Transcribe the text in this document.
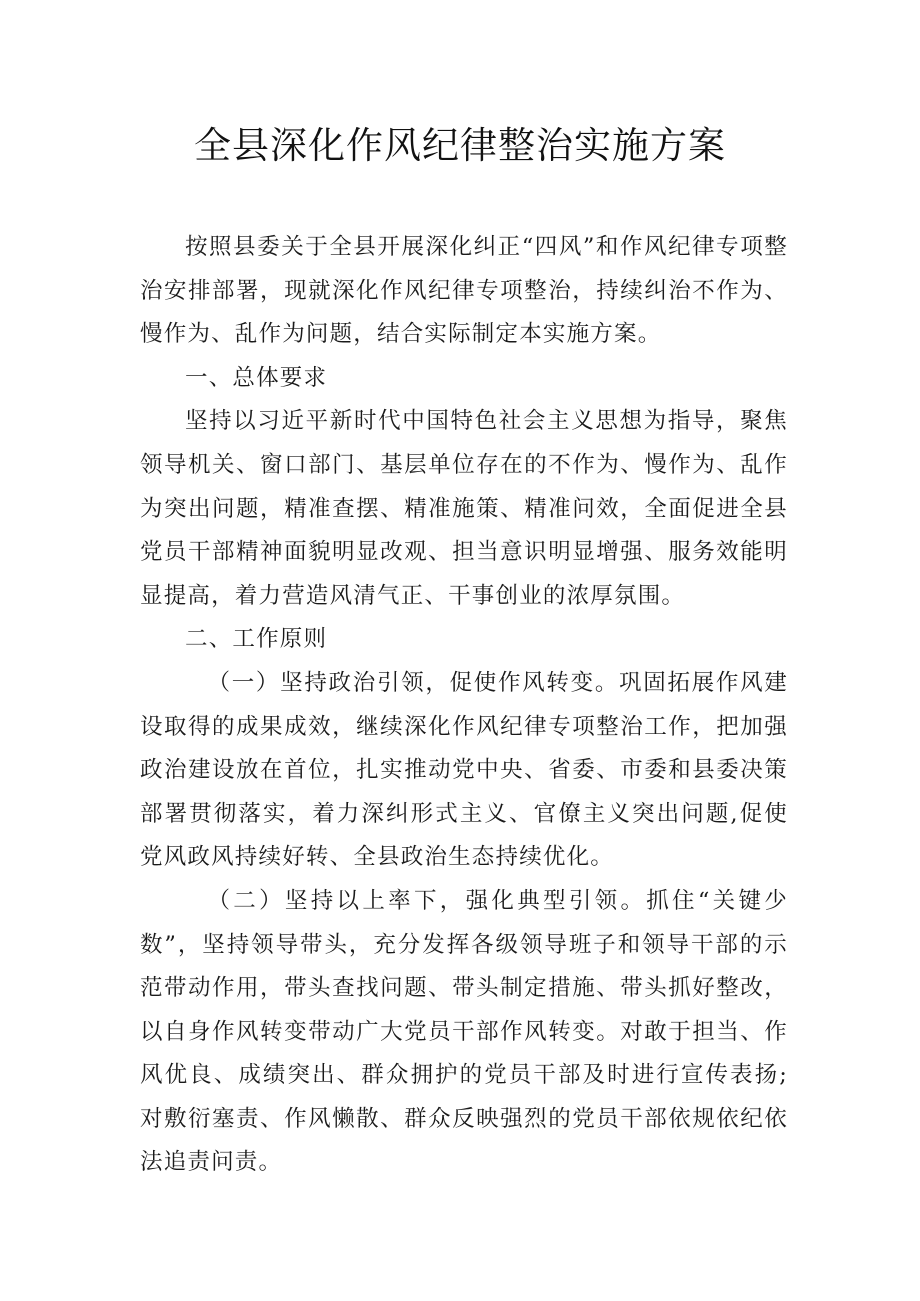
全县深化作风纪律整治实施方案

按照县委关于全县开展深化纠正“四风”和作风纪律专项整治安排部署，现就深化作风纪律专项整治，持续纠治不作为、慢作为、乱作为问题，结合实际制定本实施方案。

一、总体要求

坚持以习近平新时代中国特色社会主义思想为指导，聚焦领导机关、窗口部门、基层单位存在的不作为、慢作为、乱作为突出问题，精准查摆、精准施策、精准问效，全面促进全县党员干部精神面貌明显改观、担当意识明显增强、服务效能明显提高，着力营造风清气正、干事创业的浓厚氛围。

二、工作原则

（一）坚持政治引领，促使作风转变。巩固拓展作风建设取得的成果成效，继续深化作风纪律专项整治工作，把加强政治建设放在首位，扎实推动党中央、省委、市委和县委决策部署贯彻落实，着力深纠形式主义、官僚主义突出问题,促使党风政风持续好转、全县政治生态持续优化。

（二）坚持以上率下，强化典型引领。抓住“关键少数”，坚持领导带头，充分发挥各级领导班子和领导干部的示范带动作用，带头查找问题、带头制定措施、带头抓好整改，以自身作风转变带动广大党员干部作风转变。对敢于担当、作风优良、成绩突出、群众拥护的党员干部及时进行宣传表扬;对敷衍塞责、作风懒散、群众反映强烈的党员干部依规依纪依法追责问责。
